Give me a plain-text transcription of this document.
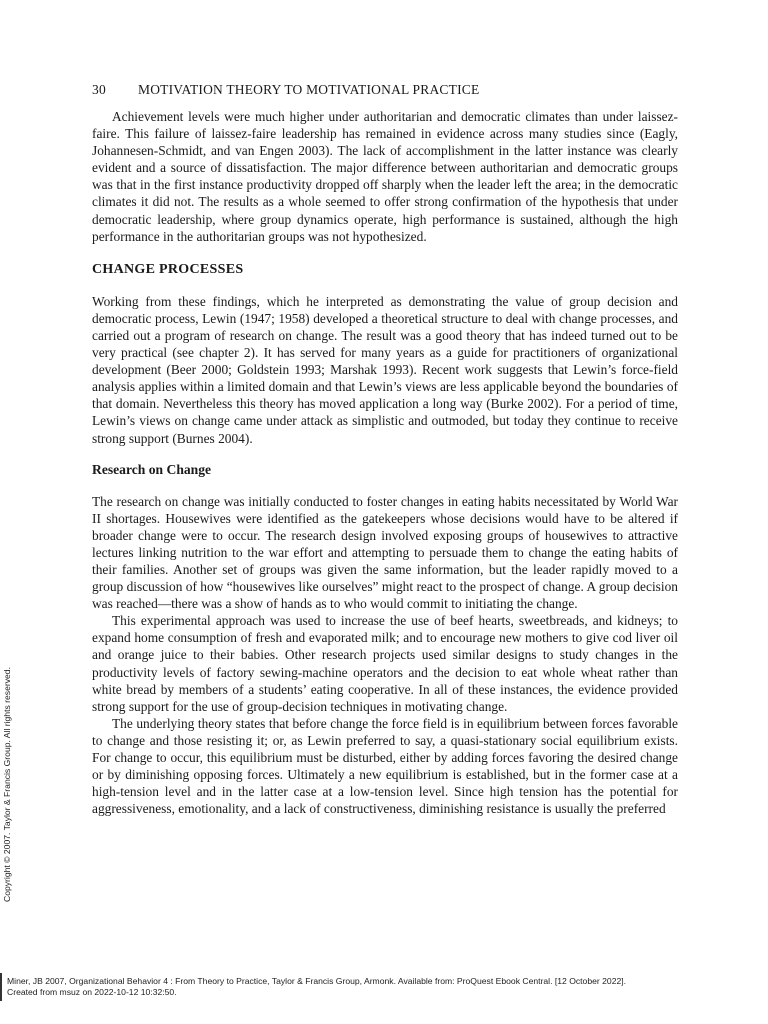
30 MOTIVATION THEORY TO MOTIVATIONAL PRACTICE

Achievement levels were much higher under authoritarian and democratic climates than under laissez-faire. This failure of laissez-faire leadership has remained in evidence across many studies since (Eagly, Johannesen-Schmidt, and van Engen 2003). The lack of accomplishment in the latter instance was clearly evident and a source of dissatisfaction. The major difference between authoritarian and democratic groups was that in the first instance productivity dropped off sharply when the leader left the area; in the democratic climates it did not. The results as a whole seemed to offer strong confirmation of the hypothesis that under democratic leadership, where group dynamics operate, high performance is sustained, although the high performance in the authoritarian groups was not hypothesized.

CHANGE PROCESSES

Working from these findings, which he interpreted as demonstrating the value of group decision and democratic process, Lewin (1947; 1958) developed a theoretical structure to deal with change processes, and carried out a program of research on change. The result was a good theory that has indeed turned out to be very practical (see chapter 2). It has served for many years as a guide for practitioners of organizational development (Beer 2000; Goldstein 1993; Marshak 1993). Recent work suggests that Lewin’s force-field analysis applies within a limited domain and that Lewin’s views are less applicable beyond the boundaries of that domain. Nevertheless this theory has moved application a long way (Burke 2002). For a period of time, Lewin’s views on change came under attack as simplistic and outmoded, but today they continue to receive strong support (Burnes 2004).

Research on Change

The research on change was initially conducted to foster changes in eating habits necessitated by World War II shortages. Housewives were identified as the gatekeepers whose decisions would have to be altered if broader change were to occur. The research design involved exposing groups of housewives to attractive lectures linking nutrition to the war effort and attempting to persuade them to change the eating habits of their families. Another set of groups was given the same information, but the leader rapidly moved to a group discussion of how “housewives like ourselves” might react to the prospect of change. A group decision was reached—there was a show of hands as to who would commit to initiating the change.

This experimental approach was used to increase the use of beef hearts, sweetbreads, and kidneys; to expand home consumption of fresh and evaporated milk; and to encourage new mothers to give cod liver oil and orange juice to their babies. Other research projects used similar designs to study changes in the productivity levels of factory sewing-machine operators and the decision to eat whole wheat rather than white bread by members of a students’ eating cooperative. In all of these instances, the evidence provided strong support for the use of group-decision techniques in motivating change.

The underlying theory states that before change the force field is in equilibrium between forces favorable to change and those resisting it; or, as Lewin preferred to say, a quasi-stationary social equilibrium exists. For change to occur, this equilibrium must be disturbed, either by adding forces favoring the desired change or by diminishing opposing forces. Ultimately a new equilibrium is established, but in the former case at a high-tension level and in the latter case at a low-tension level. Since high tension has the potential for aggressiveness, emotionality, and a lack of constructiveness, diminishing resistance is usually the preferred

Copyright © 2007. Taylor & Francis Group. All rights reserved.
Miner, JB 2007, Organizational Behavior 4 : From Theory to Practice, Taylor & Francis Group, Armonk. Available from: ProQuest Ebook Central. [12 October 2022].
Created from msuz on 2022-10-12 10:32:50.
